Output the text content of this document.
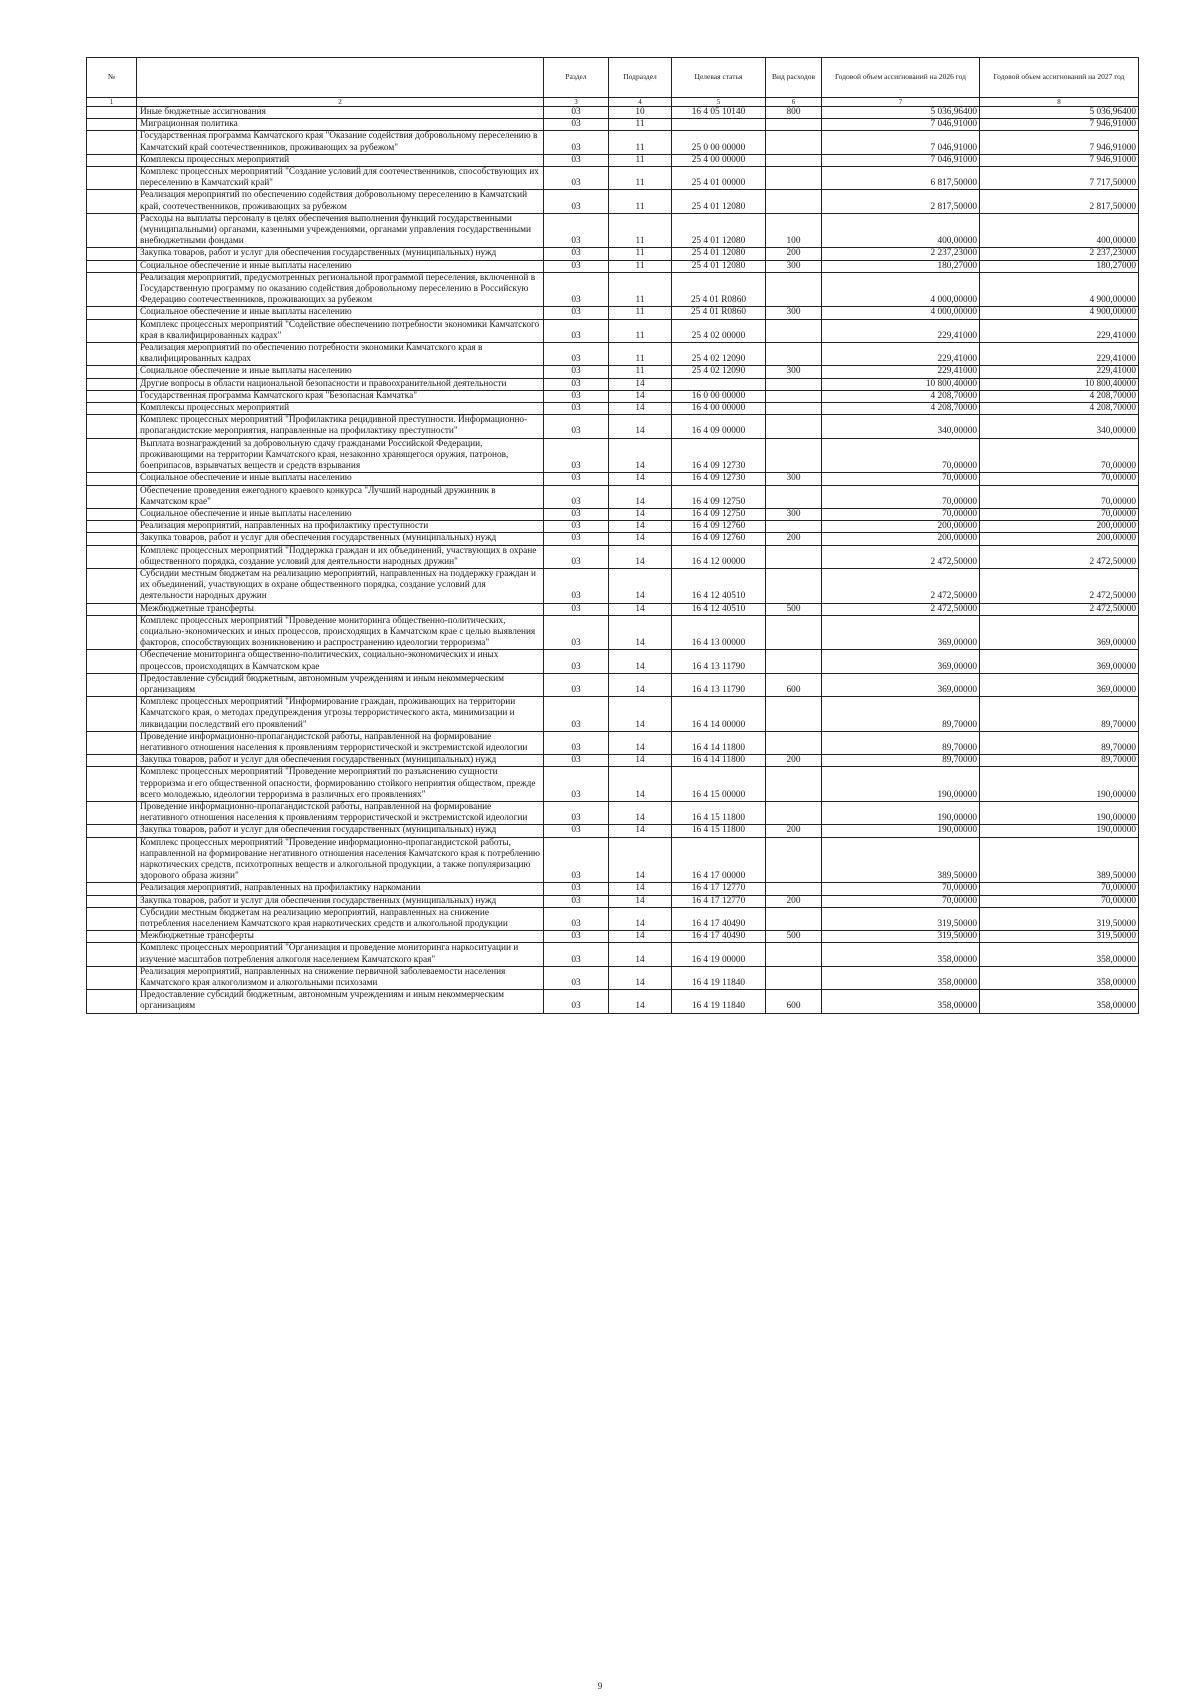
№		Раздел	Подраздел	Целевая статья	Вид расходов	Годовой объем ассигнований на 2026 год	Годовой объем ассигнований на 2027 год
1	2	3	4	5	6	7	8
	Иные бюджетные ассигнования	03	10	16 4 05 10140	800	5 036,96400	5 036,96400
	Миграционная политика	03	11			7 046,91000	7 946,91000
	Государственная программа Камчатского края "Оказание содействия добровольному переселению в Камчатский край соотечественников, проживающих за рубежом"	03	11	25 0 00 00000		7 046,91000	7 946,91000
	Комплексы процессных мероприятий	03	11	25 4 00 00000		7 046,91000	7 946,91000
	Комплекс процессных мероприятий "Создание условий для соотечественников, способствующих их переселению в Камчатский край"	03	11	25 4 01 00000		6 817,50000	7 717,50000
	Реализация мероприятий по обеспечению содействия добровольному переселению в Камчатский край, соотечественников, проживающих за рубежом	03	11	25 4 01 12080		2 817,50000	2 817,50000
	Расходы на выплаты персоналу в целях обеспечения выполнения функций государственными (муниципальными) органами, казенными учреждениями, органами управления государственными внебюджетными фондами	03	11	25 4 01 12080	100	400,00000	400,00000
	Закупка товаров, работ и услуг для обеспечения государственных (муниципальных) нужд	03	11	25 4 01 12080	200	2 237,23000	2 237,23000
	Социальное обеспечение и иные выплаты населению	03	11	25 4 01 12080	300	180,27000	180,27000
	Реализация мероприятий, предусмотренных региональной программой переселения, включенной в Государственную программу по оказанию содействия добровольному переселению в Российскую Федерацию соотечественников, проживающих за рубежом	03	11	25 4 01 R0860		4 000,00000	4 900,00000
	Социальное обеспечение и иные выплаты населению	03	11	25 4 01 R0860	300	4 000,00000	4 900,00000
	Комплекс процессных мероприятий "Содействие обеспечению потребности экономики Камчатского края в квалифицированных кадрах"	03	11	25 4 02 00000		229,41000	229,41000
	Реализация мероприятий по обеспечению потребности экономики Камчатского края в квалифицированных кадрах	03	11	25 4 02 12090		229,41000	229,41000
	Социальное обеспечение и иные выплаты населению	03	11	25 4 02 12090	300	229,41000	229,41000
	Другие вопросы в области национальной безопасности и правоохранительной деятельности	03	14			10 800,40000	10 800,40000
	Государственная программа Камчатского края "Безопасная Камчатка"	03	14	16 0 00 00000		4 208,70000	4 208,70000
	Комплексы процессных мероприятий	03	14	16 4 00 00000		4 208,70000	4 208,70000
	Комплекс процессных мероприятий "Профилактика рецидивной преступности. Информационно-пропагандистские мероприятия, направленные на профилактику преступности"	03	14	16 4 09 00000		340,00000	340,00000
	Выплата вознаграждений за добровольную сдачу гражданами Российской Федерации, проживающими на территории Камчатского края, незаконно хранящегося оружия, патронов, боеприпасов, взрывчатых веществ и средств взрывания	03	14	16 4 09 12730		70,00000	70,00000
	Социальное обеспечение и иные выплаты населению	03	14	16 4 09 12730	300	70,00000	70,00000
	Обеспечение проведения ежегодного краевого конкурса "Лучший народный дружинник в Камчатском крае"	03	14	16 4 09 12750		70,00000	70,00000
	Социальное обеспечение и иные выплаты населению	03	14	16 4 09 12750	300	70,00000	70,00000
	Реализация мероприятий, направленных на профилактику преступности	03	14	16 4 09 12760		200,00000	200,00000
	Закупка товаров, работ и услуг для обеспечения государственных (муниципальных) нужд	03	14	16 4 09 12760	200	200,00000	200,00000
	Комплекс процессных мероприятий "Поддержка граждан и их объединений, участвующих в охране общественного порядка, создание условий для деятельности народных дружин"	03	14	16 4 12 00000		2 472,50000	2 472,50000
	Субсидии местным бюджетам на реализацию мероприятий, направленных на поддержку граждан и их объединений, участвующих в охране общественного порядка, создание условий для деятельности народных дружин	03	14	16 4 12 40510		2 472,50000	2 472,50000
	Межбюджетные трансферты	03	14	16 4 12 40510	500	2 472,50000	2 472,50000
	Комплекс процессных мероприятий "Проведение мониторинга общественно-политических, социально-экономических и иных процессов, происходящих в Камчатском крае с целью выявления факторов, способствующих возникновению и распространению идеологии терроризма"	03	14	16 4 13 00000		369,00000	369,00000
	Обеспечение мониторинга общественно-политических, социально-экономических и иных процессов, происходящих в Камчатском крае	03	14	16 4 13 11790		369,00000	369,00000
	Предоставление субсидий бюджетным, автономным учреждениям и иным некоммерческим организациям	03	14	16 4 13 11790	600	369,00000	369,00000
	Комплекс процессных мероприятий "Информирование граждан, проживающих на территории Камчатского края, о методах предупреждения угрозы террористического акта, минимизации и ликвидации последствий его проявлений"	03	14	16 4 14 00000		89,70000	89,70000
	Проведение информационно-пропагандистской работы, направленной на формирование негативного отношения населения к проявлениям террористической и экстремистской идеологии	03	14	16 4 14 11800		89,70000	89,70000
	Закупка товаров, работ и услуг для обеспечения государственных (муниципальных) нужд	03	14	16 4 14 11800	200	89,70000	89,70000
	Комплекс процессных мероприятий "Проведение мероприятий по разъяснению сущности терроризма и его общественной опасности, формированию стойкого неприятия обществом, прежде всего молодежью, идеологии терроризма в различных его проявлениях"	03	14	16 4 15 00000		190,00000	190,00000
	Проведение информационно-пропагандистской работы, направленной на формирование негативного отношения населения к проявлениям террористической и экстремистской идеологии	03	14	16 4 15 11800		190,00000	190,00000
	Закупка товаров, работ и услуг для обеспечения государственных (муниципальных) нужд	03	14	16 4 15 11800	200	190,00000	190,00000
	Комплекс процессных мероприятий "Проведение информационно-пропагандистской работы, направленной на формирование негативного отношения населения Камчатского края к потреблению наркотических средств, психотропных веществ и алкогольной продукции, а также популяризацию здорового образа жизни"	03	14	16 4 17 00000		389,50000	389,50000
	Реализация мероприятий, направленных на профилактику наркомании	03	14	16 4 17 12770		70,00000	70,00000
	Закупка товаров, работ и услуг для обеспечения государственных (муниципальных) нужд	03	14	16 4 17 12770	200	70,00000	70,00000
	Субсидии местным бюджетам на реализацию мероприятий, направленных на снижение потребления населением Камчатского края наркотических средств и алкогольной продукции	03	14	16 4 17 40490		319,50000	319,50000
	Межбюджетные трансферты	03	14	16 4 17 40490	500	319,50000	319,50000
	Комплекс процессных мероприятий "Организация и проведение мониторинга наркоситуации и изучение масштабов потребления алкоголя населением Камчатского края"	03	14	16 4 19 00000		358,00000	358,00000
	Реализация мероприятий, направленных на снижение первичной заболеваемости населения Камчатского края алкоголизмом и алкогольными психозами	03	14	16 4 19 11840		358,00000	358,00000
	Предоставление субсидий бюджетным, автономным учреждениям и иным некоммерческим организациям	03	14	16 4 19 11840	600	358,00000	358,00000
9
